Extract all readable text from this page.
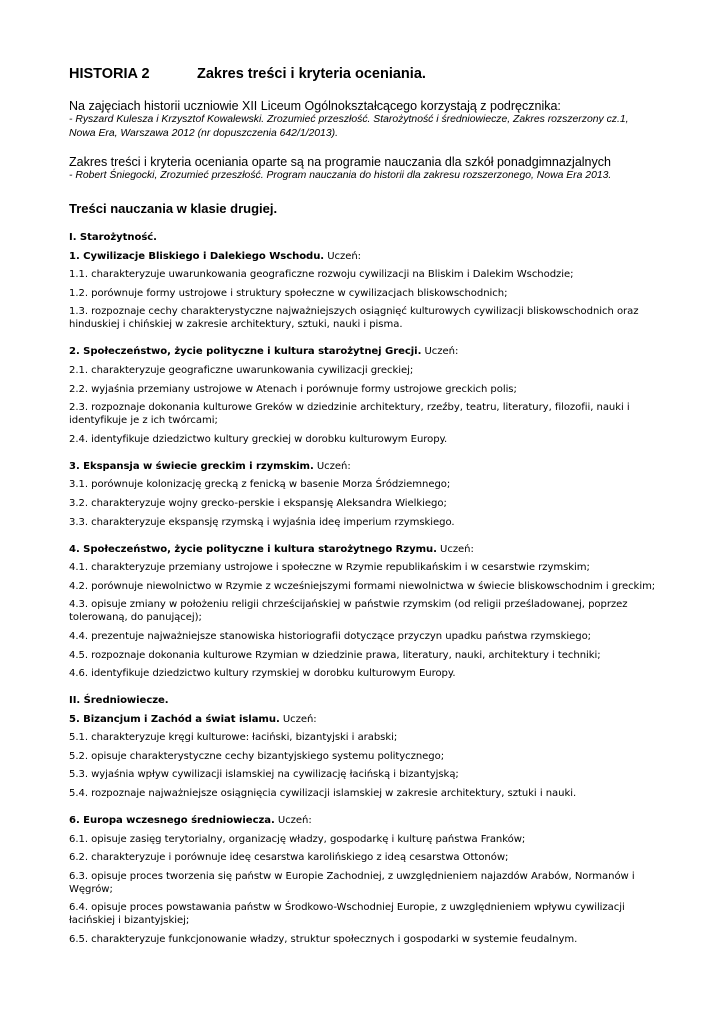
HISTORIA 2	Zakres treści i kryteria oceniania.
Na zajęciach historii uczniowie XII Liceum Ogólnokształcącego korzystają z podręcznika:
- Ryszard Kulesza i Krzysztof Kowalewski. Zrozumieć przeszłość. Starożytność i średniowiecze, Zakres rozszerzony cz.1,
Nowa Era, Warszawa 2012 (nr dopuszczenia 642/1/2013).
Zakres treści i kryteria oceniania oparte są na programie nauczania dla szkół ponadgimnazjalnych
- Robert Śniegocki, Zrozumieć przeszłość. Program nauczania do historii dla zakresu rozszerzonego, Nowa Era 2013.
Treści nauczania w klasie drugiej.
I. Starożytność.
1. Cywilizacje Bliskiego i Dalekiego Wschodu. Uczeń:
1.1. charakteryzuje uwarunkowania geograficzne rozwoju cywilizacji na Bliskim i Dalekim Wschodzie;
1.2. porównuje formy ustrojowe i struktury społeczne w cywilizacjach bliskowschodnich;
1.3. rozpoznaje cechy charakterystyczne najważniejszych osiągnięć kulturowych cywilizacji bliskowschodnich oraz hinduskiej i chińskiej w zakresie architektury, sztuki, nauki i pisma.
2. Społeczeństwo, życie polityczne i kultura starożytnej Grecji. Uczeń:
2.1. charakteryzuje geograficzne uwarunkowania cywilizacji greckiej;
2.2. wyjaśnia przemiany ustrojowe w Atenach i porównuje formy ustrojowe greckich polis;
2.3. rozpoznaje dokonania kulturowe Greków w dziedzinie architektury, rzeźby, teatru, literatury, filozofii, nauki i identyfikuje je z ich twórcami;
2.4. identyfikuje dziedzictwo kultury greckiej w dorobku kulturowym Europy.
3. Ekspansja w świecie greckim i rzymskim. Uczeń:
3.1. porównuje kolonizację grecką z fenicką w basenie Morza Śródziemnego;
3.2. charakteryzuje wojny grecko-perskie i ekspansję Aleksandra Wielkiego;
3.3. charakteryzuje ekspansję rzymską i wyjaśnia ideę imperium rzymskiego.
4. Społeczeństwo, życie polityczne i kultura starożytnego Rzymu. Uczeń:
4.1. charakteryzuje przemiany ustrojowe i społeczne w Rzymie republikańskim i w cesarstwie rzymskim;
4.2. porównuje niewolnictwo w Rzymie z wcześniejszymi formami niewolnictwa w świecie bliskowschodnim i greckim;
4.3. opisuje zmiany w położeniu religii chrześcijańskiej w państwie rzymskim (od religii prześladowanej, poprzez tolerowaną, do panującej);
4.4. prezentuje najważniejsze stanowiska historiografii dotyczące przyczyn upadku państwa rzymskiego;
4.5. rozpoznaje dokonania kulturowe Rzymian w dziedzinie prawa, literatury, nauki, architektury i techniki;
4.6. identyfikuje dziedzictwo kultury rzymskiej w dorobku kulturowym Europy.
II. Średniowiecze.
5. Bizancjum i Zachód a świat islamu. Uczeń:
5.1. charakteryzuje kręgi kulturowe: łaciński, bizantyjski i arabski;
5.2. opisuje charakterystyczne cechy bizantyjskiego systemu politycznego;
5.3. wyjaśnia wpływ cywilizacji islamskiej na cywilizację łacińską i bizantyjską;
5.4. rozpoznaje najważniejsze osiągnięcia cywilizacji islamskiej w zakresie architektury, sztuki i nauki.
6. Europa wczesnego średniowiecza. Uczeń:
6.1. opisuje zasięg terytorialny, organizację władzy, gospodarkę i kulturę państwa Franków;
6.2. charakteryzuje i porównuje ideę cesarstwa karolińskiego z ideą cesarstwa Ottonów;
6.3. opisuje proces tworzenia się państw w Europie Zachodniej, z uwzględnieniem najazdów Arabów, Normanów i Węgrów;
6.4. opisuje proces powstawania państw w Środkowo-Wschodniej Europie, z uwzględnieniem wpływu cywilizacji łacińskiej i bizantyjskiej;
6.5. charakteryzuje funkcjonowanie władzy, struktur społecznych i gospodarki w systemie feudalnym.
